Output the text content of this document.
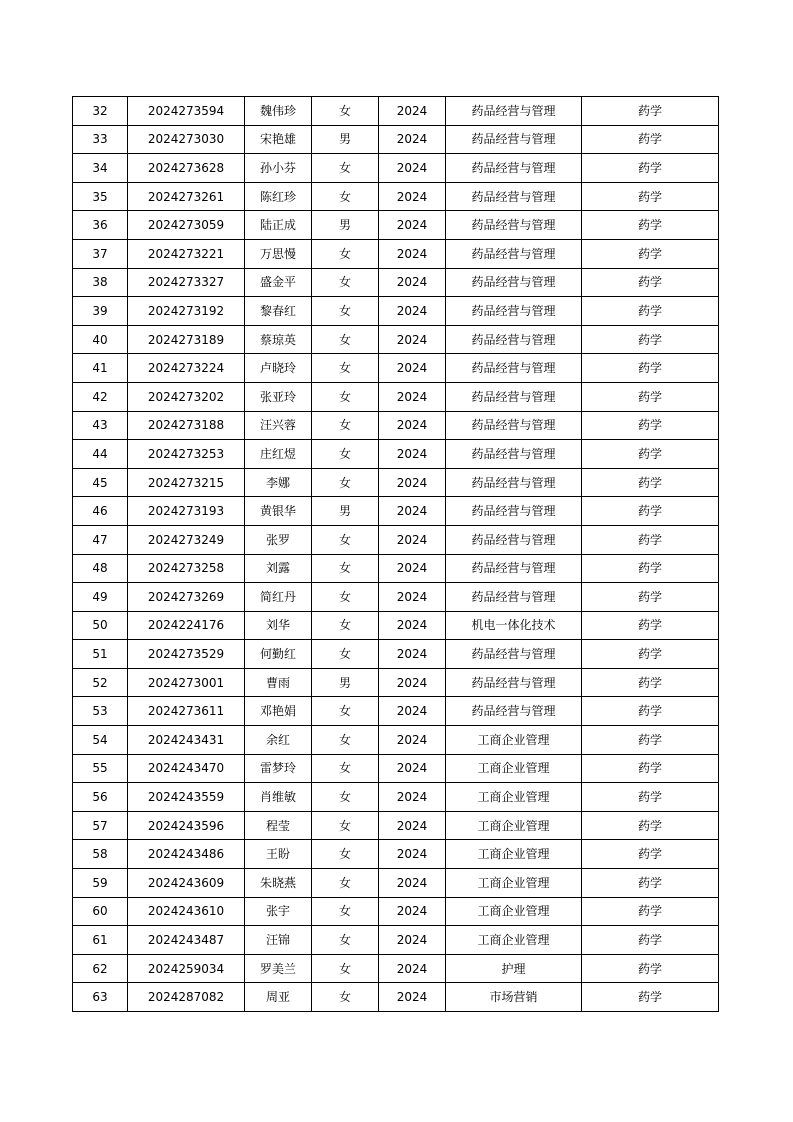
32	2024273594	魏伟珍	女	2024	药品经营与管理	药学
33	2024273030	宋艳雄	男	2024	药品经营与管理	药学
34	2024273628	孙小芬	女	2024	药品经营与管理	药学
35	2024273261	陈红珍	女	2024	药品经营与管理	药学
36	2024273059	陆正成	男	2024	药品经营与管理	药学
37	2024273221	万思慢	女	2024	药品经营与管理	药学
38	2024273327	盛金平	女	2024	药品经营与管理	药学
39	2024273192	黎春红	女	2024	药品经营与管理	药学
40	2024273189	蔡琼英	女	2024	药品经营与管理	药学
41	2024273224	卢晓玲	女	2024	药品经营与管理	药学
42	2024273202	张亚玲	女	2024	药品经营与管理	药学
43	2024273188	汪兴蓉	女	2024	药品经营与管理	药学
44	2024273253	庄红煜	女	2024	药品经营与管理	药学
45	2024273215	李娜	女	2024	药品经营与管理	药学
46	2024273193	黄银华	男	2024	药品经营与管理	药学
47	2024273249	张罗	女	2024	药品经营与管理	药学
48	2024273258	刘露	女	2024	药品经营与管理	药学
49	2024273269	简红丹	女	2024	药品经营与管理	药学
50	2024224176	刘华	女	2024	机电一体化技术	药学
51	2024273529	何勤红	女	2024	药品经营与管理	药学
52	2024273001	曹雨	男	2024	药品经营与管理	药学
53	2024273611	邓艳娟	女	2024	药品经营与管理	药学
54	2024243431	余红	女	2024	工商企业管理	药学
55	2024243470	雷梦玲	女	2024	工商企业管理	药学
56	2024243559	肖维敏	女	2024	工商企业管理	药学
57	2024243596	程莹	女	2024	工商企业管理	药学
58	2024243486	王盼	女	2024	工商企业管理	药学
59	2024243609	朱晓燕	女	2024	工商企业管理	药学
60	2024243610	张宇	女	2024	工商企业管理	药学
61	2024243487	汪锦	女	2024	工商企业管理	药学
62	2024259034	罗美兰	女	2024	护理	药学
63	2024287082	周亚	女	2024	市场营销	药学
